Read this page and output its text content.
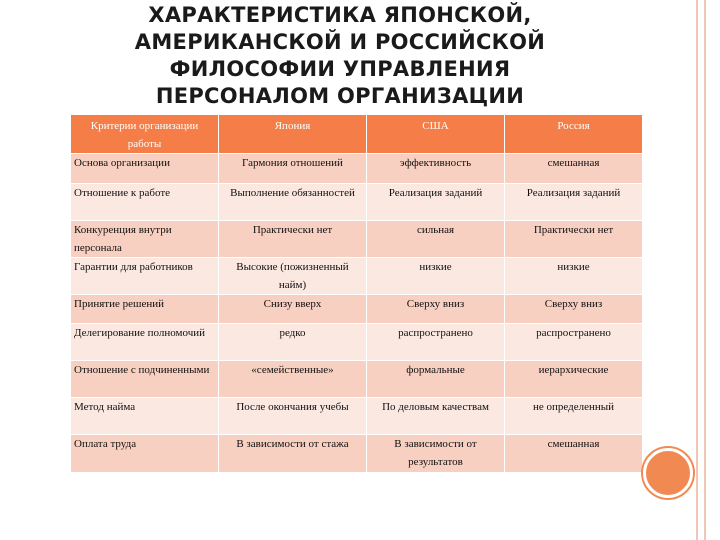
ХАРАКТЕРИСТИКА ЯПОНСКОЙ,
АМЕРИКАНСКОЙ И РОССИЙСКОЙ
ФИЛОСОФИИ УПРАВЛЕНИЯ
ПЕРСОНАЛОМ ОРГАНИЗАЦИИ
Критерии организации работы	Япония	США	Россия
Основа организации	Гармония отношений	эффективность	смешанная
Отношение к работе	Выполнение обязанностей	Реализация заданий	Реализация заданий
Конкуренция внутри персонала	Практически нет	сильная	Практически нет
Гарантии для работников	Высокие (пожизненный найм)	низкие	низкие
Принятие решений	Снизу вверх	Сверху вниз	Сверху вниз
Делегирование полномочий	редко	распространено	распространено
Отношение с подчиненными	«семейственные»	формальные	иерархические
Метод найма	После окончания учебы	По деловым качествам	не определенный
Оплата труда	В зависимости от стажа	В зависимости от результатов	смешанная
